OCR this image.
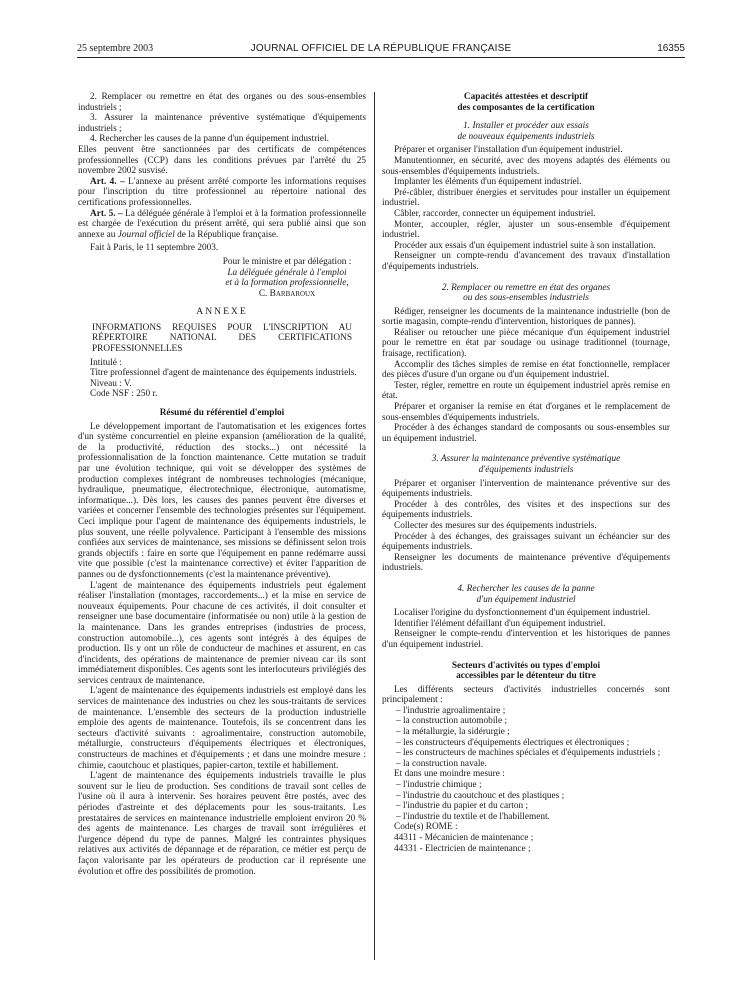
25 septembre 2003	JOURNAL OFFICIEL DE LA RÉPUBLIQUE FRANÇAISE	16355

2. Remplacer ou remettre en état des organes ou des sous-ensembles industriels ;

3. Assurer la maintenance préventive systématique d'équipements industriels ;

4. Rechercher les causes de la panne d'un équipement industriel.

Elles peuvent être sanctionnées par des certificats de compétences professionnelles (CCP) dans les conditions prévues par l'arrêté du 25 novembre 2002 susvisé.

Art. 4. – L'annexe au présent arrêté comporte les informations requises pour l'inscription du titre professionnel au répertoire national des certifications professionnelles.

Art. 5. – La déléguée générale à l'emploi et à la formation professionnelle est chargée de l'exécution du présent arrêté, qui sera publié ainsi que son annexe au Journal officiel de la République française.

Fait à Paris, le 11 septembre 2003.

Pour le ministre et par délégation :

La déléguée générale à l'emploi

et à la formation professionnelle,

C. Barbaroux

ANNEXE

INFORMATIONS REQUISES POUR L'INSCRIPTION AU RÉPERTOIRE NATIONAL DES CERTIFICATIONS PROFESSIONNELLES

Intitulé :

Titre professionnel d'agent de maintenance des équipements industriels.

Niveau : V.

Code NSF : 250 r.

Résumé du référentiel d'emploi

Le développement important de l'automatisation et les exigences fortes d'un système concurrentiel en pleine expansion (amélioration de la qualité, de la productivité, réduction des stocks...) ont nécessité la professionnalisation de la fonction maintenance. Cette mutation se traduit par une évolution technique, qui voit se développer des systèmes de production complexes intégrant de nombreuses technologies (mécanique, hydraulique, pneumatique, électrotechnique, électronique, automatisme, informatique...). Dès lors, les causes des pannes peuvent être diverses et variées et concerner l'ensemble des technologies présentes sur l'équipement. Ceci implique pour l'agent de maintenance des équipements industriels, le plus souvent, une réelle polyvalence. Participant à l'ensemble des missions confiées aux services de maintenance, ses missions se définissent selon trois grands objectifs : faire en sorte que l'équipement en panne redémarre aussi vite que possible (c'est la maintenance corrective) et éviter l'apparition de pannes ou de dysfonctionnements (c'est la maintenance préventive).

L'agent de maintenance des équipements industriels peut également réaliser l'installation (montages, raccordements...) et la mise en service de nouveaux équipements. Pour chacune de ces activités, il doit consulter et renseigner une base documentaire (informatisée ou non) utile à la gestion de la maintenance. Dans les grandes entreprises (industries de process, construction automobile...), ces agents sont intégrés à des équipes de production. Ils y ont un rôle de conducteur de machines et assurent, en cas d'incidents, des opérations de maintenance de premier niveau car ils sont immédiatement disponibles. Ces agents sont les interlocuteurs privilégiés des services centraux de maintenance.

L'agent de maintenance des équipements industriels est employé dans les services de maintenance des industries ou chez les sous-traitants de services de maintenance. L'ensemble des secteurs de la production industrielle emploie des agents de maintenance. Toutefois, ils se concentrent dans les secteurs d'activité suivants : agroalimentaire, construction automobile, métallurgie, constructeurs d'équipements électriques et électroniques, constructeurs de machines et d'équipements ; et dans une moindre mesure : chimie, caoutchouc et plastiques, papier-carton, textile et habillement.

L'agent de maintenance des équipements industriels travaille le plus souvent sur le lieu de production. Ses conditions de travail sont celles de l'usine où il aura à intervenir. Ses horaires peuvent être postés, avec des périodes d'astreinte et des déplacements pour les sous-traitants. Les prestataires de services en maintenance industrielle emploient environ 20 % des agents de maintenance. Les charges de travail sont irrégulières et l'urgence dépend du type de pannes. Malgré les contraintes physiques relatives aux activités de dépannage et de réparation, ce métier est perçu de façon valorisante par les opérateurs de production car il représente une évolution et offre des possibilités de promotion.

Capacités attestées et descriptif

des composantes de la certification

1. Installer et procéder aux essais

de nouveaux équipements industriels

Préparer et organiser l'installation d'un équipement industriel.

Manutentionner, en sécurité, avec des moyens adaptés des éléments ou sous-ensembles d'équipements industriels.

Implanter les éléments d'un équipement industriel.

Pré-câbler, distribuer énergies et servitudes pour installer un équipement industriel.

Câbler, raccorder, connecter un équipement industriel.

Monter, accoupler, régler, ajuster un sous-ensemble d'équipement industriel.

Procéder aux essais d'un équipement industriel suite à son installation.

Renseigner un compte-rendu d'avancement des travaux d'installation d'équipements industriels.

2. Remplacer ou remettre en état des organes

ou des sous-ensembles industriels

Rédiger, renseigner les documents de la maintenance industrielle (bon de sortie magasin, compte-rendu d'intervention, historiques de pannes).

Réaliser ou retoucher une pièce mécanique d'un équipement industriel pour le remettre en état par soudage ou usinage traditionnel (tournage, fraisage, rectification).

Accomplir des tâches simples de remise en état fonctionnelle, remplacer des pièces d'usure d'un organe ou d'un équipement industriel.

Tester, régler, remettre en route un équipement industriel après remise en état.

Préparer et organiser la remise en état d'organes et le remplacement de sous-ensembles d'équipements industriels.

Procéder à des échanges standard de composants ou sous-ensembles sur un équipement industriel.

3. Assurer la maintenance préventive systématique

d'équipements industriels

Préparer et organiser l'intervention de maintenance préventive sur des équipements industriels.

Procéder à des contrôles, des visites et des inspections sur des équipements industriels.

Collecter des mesures sur des équipements industriels.

Procéder à des échanges, des graissages suivant un échéancier sur des équipements industriels.

Renseigner les documents de maintenance préventive d'équipements industriels.

4. Rechercher les causes de la panne

d'un équipement industriel

Localiser l'origine du dysfonctionnement d'un équipement industriel.

Identifier l'élément défaillant d'un équipement industriel.

Renseigner le compte-rendu d'intervention et les historiques de pannes d'un équipement industriel.

Secteurs d'activités ou types d'emploi

accessibles par le détenteur du titre

Les différents secteurs d'activités industrielles concernés sont principalement :

– l'industrie agroalimentaire ;

– la construction automobile ;

– la métallurgie, la sidérurgie ;

– les constructeurs d'équipements électriques et électroniques ;

– les constructeurs de machines spéciales et d'équipements industriels ;

– la construction navale.

Et dans une moindre mesure :

– l'industrie chimique ;

– l'industrie du caoutchouc et des plastiques ;

– l'industrie du papier et du carton ;

– l'industrie du textile et de l'habillement.

Code(s) ROME :

44311 - Mécanicien de maintenance ;

44331 - Electricien de maintenance ;
